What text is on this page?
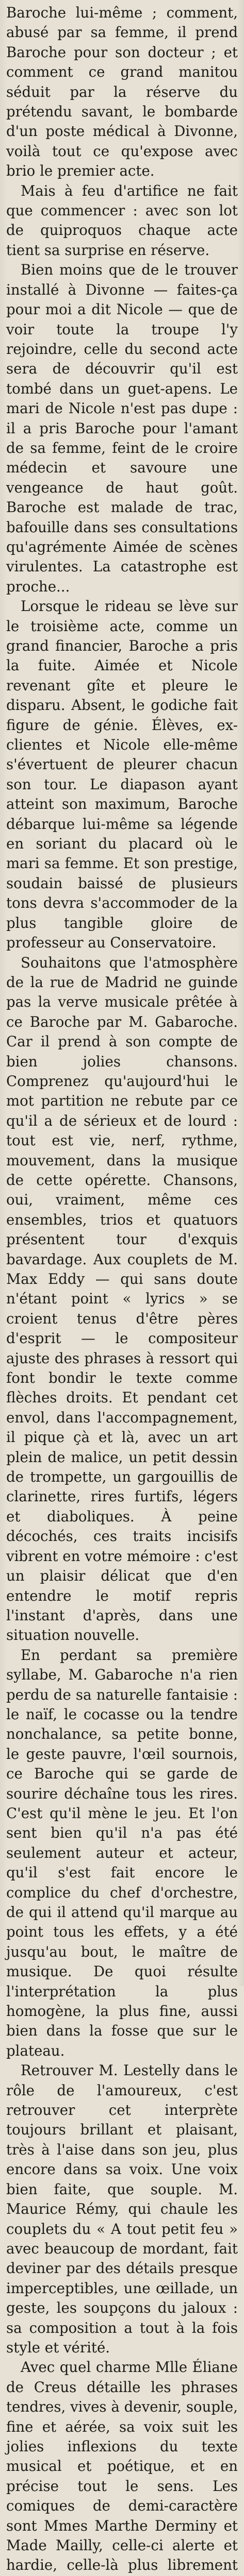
Baroche lui-même ; comment, abusé par sa femme, il prend Baroche pour son docteur ; et comment ce grand manitou séduit par la réserve du prétendu savant, le bombarde d'un poste médical à Divonne, voilà tout ce qu'expose avec brio le premier acte.

Mais à feu d'artifice ne fait que commencer : avec son lot de quiproquos chaque acte tient sa surprise en réserve.

Bien moins que de le trouver installé à Divonne — faites-ça pour moi a dit Nicole — que de voir toute la troupe l'y rejoindre, celle du second acte sera de découvrir qu'il est tombé dans un guet-apens. Le mari de Nicole n'est pas dupe : il a pris Baroche pour l'amant de sa femme, feint de le croire médecin et savoure une vengeance de haut goût. Baroche est malade de trac, bafouille dans ses consultations qu'agrémente Aimée de scènes virulentes. La catastrophe est proche...

Lorsque le rideau se lève sur le troisième acte, comme un grand financier, Baroche a pris la fuite. Aimée et Nicole revenant gîte et pleure le disparu. Absent, le godiche fait figure de génie. Élèves, ex-clientes et Nicole elle-même s'évertuent de pleurer chacun son tour. Le diapason ayant atteint son maximum, Baroche débarque lui-même sa légende en soriant du placard où le mari sa femme. Et son prestige, soudain baissé de plusieurs tons devra s'accommoder de la plus tangible gloire de professeur au Conservatoire.

Souhaitons que l'atmosphère de la rue de Madrid ne guinde pas la verve musicale prêtée à ce Baroche par M. Gabaroche. Car il prend à son compte de bien jolies chansons. Comprenez qu'aujourd'hui le mot partition ne rebute par ce qu'il a de sérieux et de lourd : tout est vie, nerf, rythme, mouvement, dans la musique de cette opérette. Chansons, oui, vraiment, même ces ensembles, trios et quatuors présentent tour d'exquis bavardage. Aux couplets de M. Max Eddy — qui sans doute n'étant point « lyrics » se croient tenus d'être pères d'esprit — le compositeur ajuste des phrases à ressort qui font bondir le texte comme flèches droits. Et pendant cet envol, dans l'accompagnement, il pique çà et là, avec un art plein de malice, un petit dessin de trompette, un gargouillis de clarinette, rires furtifs, légers et diaboliques. À peine décochés, ces traits incisifs vibrent en votre mémoire : c'est un plaisir délicat que d'en entendre le motif repris l'instant d'après, dans une situation nouvelle.

En perdant sa première syllabe, M. Gabaroche n'a rien perdu de sa naturelle fantaisie : le naïf, le cocasse ou la tendre nonchalance, sa petite bonne, le geste pauvre, l'œil sournois, ce Baroche qui se garde de sourire déchaîne tous les rires. C'est qu'il mène le jeu. Et l'on sent bien qu'il n'a pas été seulement auteur et acteur, qu'il s'est fait encore le complice du chef d'orchestre, de qui il attend qu'il marque au point tous les effets, y a été jusqu'au bout, le maître de musique. De quoi résulte l'interprétation la plus homogène, la plus fine, aussi bien dans la fosse que sur le plateau.

Retrouver M. Lestelly dans le rôle de l'amoureux, c'est retrouver cet interprète toujours brillant et plaisant, très à l'aise dans son jeu, plus encore dans sa voix. Une voix bien faite, que souple. M. Maurice Rémy, qui chaule les couplets du « A tout petit feu » avec beaucoup de mordant, fait deviner par des détails presque imperceptibles, une œillade, un geste, les soupçons du jaloux : sa composition a tout à la fois style et vérité.

Avec quel charme Mlle Éliane de Creus détaille les phrases tendres, vives à devenir, souple, fine et aérée, sa voix suit les jolies inflexions du texte musical et poétique, et en précise tout le sens. Les comiques de demi-caractère sont Mmes Marthe Derminy et Made Mailly, celle-ci alerte et hardie, celle-là plus librement
